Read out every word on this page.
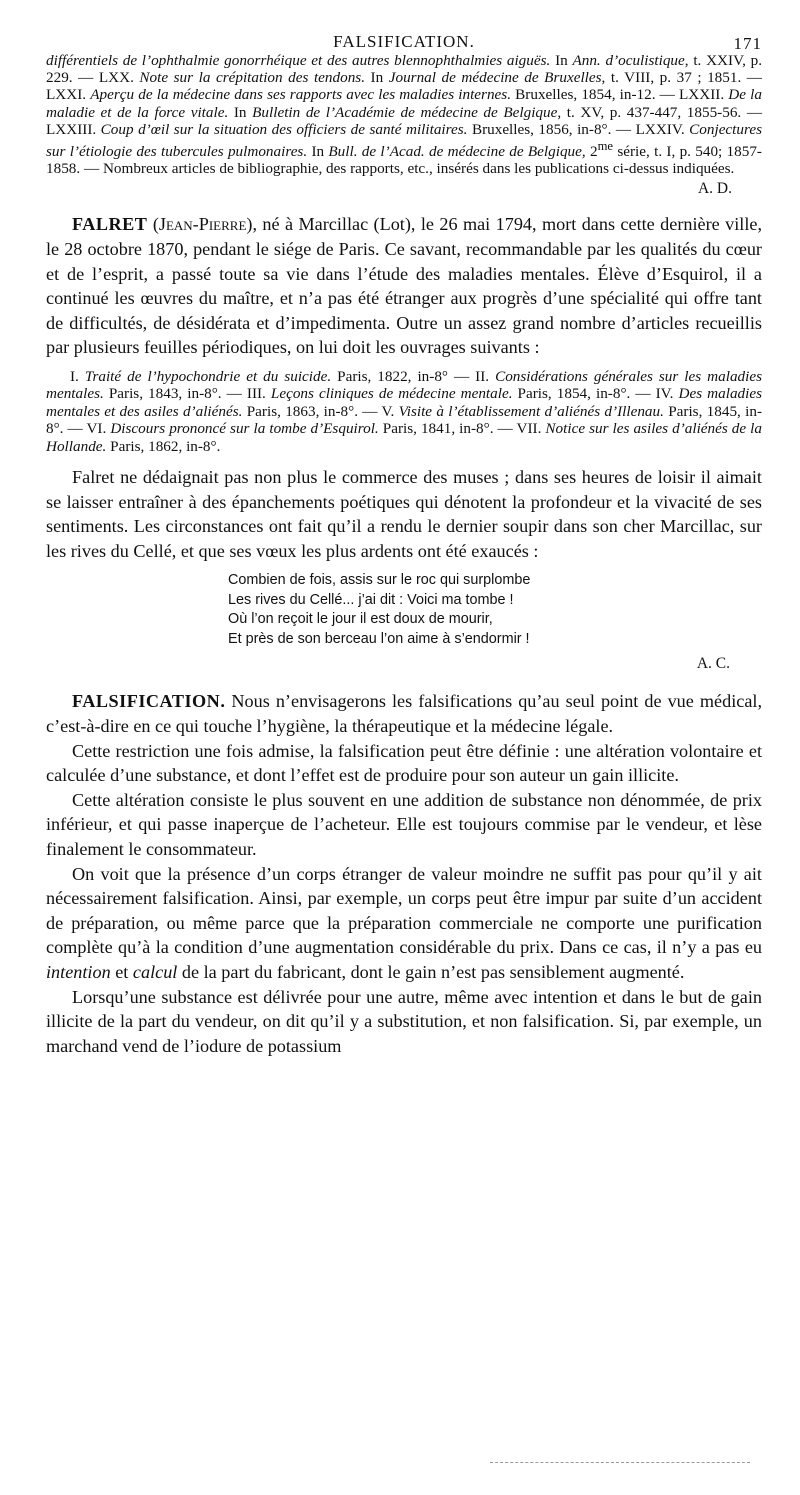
FALSIFICATION.	171

différentiels de l’ophthalmie gonorrhéique et des autres blennophthalmies aiguës. In Ann. d’oculistique, t. XXIV, p. 229. — LXX. Note sur la crépitation des tendons. In Journal de médecine de Bruxelles, t. VIII, p. 37 ; 1851. — LXXI. Aperçu de la médecine dans ses rapports avec les maladies internes. Bruxelles, 1854, in-12. — LXXII. De la maladie et de la force vitale. In Bulletin de l’Académie de médecine de Belgique, t. XV, p. 437-447, 1855-56. — LXXIII. Coup d’œil sur la situation des officiers de santé militaires. Bruxelles, 1856, in-8°. — LXXIV. Conjectures sur l’étiologie des tubercules pulmonaires. In Bull. de l’Acad. de médecine de Belgique, $2^{me}$ série, t. I, p. 540; 1857-1858. — Nombreux articles de bibliographie, des rapports, etc., insérés dans les publications ci-dessus indiquées.

A. D.

FALRET (Jean-Pierre), né à Marcillac (Lot), le 26 mai 1794, mort dans cette dernière ville, le 28 octobre 1870, pendant le siége de Paris. Ce savant, recommandable par les qualités du cœur et de l’esprit, a passé toute sa vie dans l’étude des maladies mentales. Élève d’Esquirol, il a continué les œuvres du maître, et n’a pas été étranger aux progrès d’une spécialité qui offre tant de difficultés, de désidérata et d’impedimenta. Outre un assez grand nombre d’articles recueillis par plusieurs feuilles périodiques, on lui doit les ouvrages suivants :

I. Traité de l’hypochondrie et du suicide. Paris, 1822, in-8° — II. Considérations générales sur les maladies mentales. Paris, 1843, in-8°. — III. Leçons cliniques de médecine mentale. Paris, 1854, in-8°. — IV. Des maladies mentales et des asiles d’aliénés. Paris, 1863, in-8°. — V. Visite à l’établissement d’aliénés d’Illenau. Paris, 1845, in-8°. — VI. Discours prononcé sur la tombe d’Esquirol. Paris, 1841, in-8°. — VII. Notice sur les asiles d’aliénés de la Hollande. Paris, 1862, in-8°.

Falret ne dédaignait pas non plus le commerce des muses ; dans ses heures de loisir il aimait se laisser entraîner à des épanchements poétiques qui dénotent la profondeur et la vivacité de ses sentiments. Les circonstances ont fait qu’il a rendu le dernier soupir dans son cher Marcillac, sur les rives du Cellé, et que ses vœux les plus ardents ont été exaucés :

Combien de fois, assis sur le roc qui surplombe
Les rives du Cellé... j’ai dit : Voici ma tombe !
Où l’on reçoit le jour il est doux de mourir,
Et près de son berceau l’on aime à s’endormir !

A. C.

FALSIFICATION. Nous n’envisagerons les falsifications qu’au seul point de vue médical, c’est-à-dire en ce qui touche l’hygiène, la thérapeutique et la médecine légale.

Cette restriction une fois admise, la falsification peut être définie : une altération volontaire et calculée d’une substance, et dont l’effet est de produire pour son auteur un gain illicite.

Cette altération consiste le plus souvent en une addition de substance non dénommée, de prix inférieur, et qui passe inaperçue de l’acheteur. Elle est toujours commise par le vendeur, et lèse finalement le consommateur.

On voit que la présence d’un corps étranger de valeur moindre ne suffit pas pour qu’il y ait nécessairement falsification. Ainsi, par exemple, un corps peut être impur par suite d’un accident de préparation, ou même parce que la préparation commerciale ne comporte une purification complète qu’à la condition d’une augmentation considérable du prix. Dans ce cas, il n’y a pas eu intention et calcul de la part du fabricant, dont le gain n’est pas sensiblement augmenté.

Lorsqu’une substance est délivrée pour une autre, même avec intention et dans le but de gain illicite de la part du vendeur, on dit qu’il y a substitution, et non falsification. Si, par exemple, un marchand vend de l’iodure de potassium
